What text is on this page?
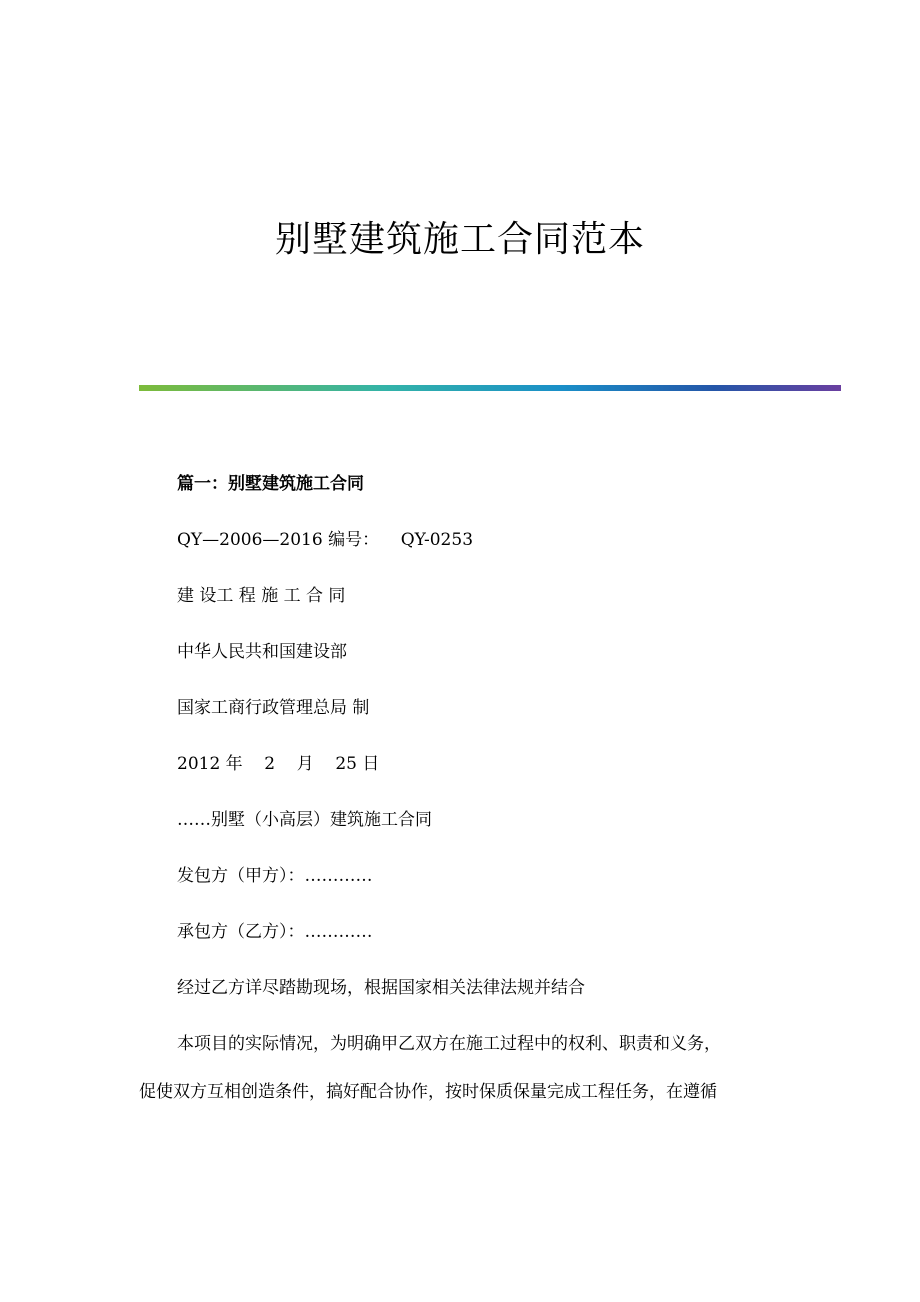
别墅建筑施工合同范本
篇一：别墅建筑施工合同
QY—2006—2016 编号：    QY-0253
建 设工 程 施 工 合 同
中华人民共和国建设部
国家工商行政管理总局 制
2012 年    2    月    25 日
……别墅（小高层）建筑施工合同
发包方（甲方）：…………
承包方（乙方）：…………
经过乙方详尽踏勘现场，根据国家相关法律法规并结合
本项目的实际情况，为明确甲乙双方在施工过程中的权利、职责和义务，
促使双方互相创造条件，搞好配合协作，按时保质保量完成工程任务，在遵循
